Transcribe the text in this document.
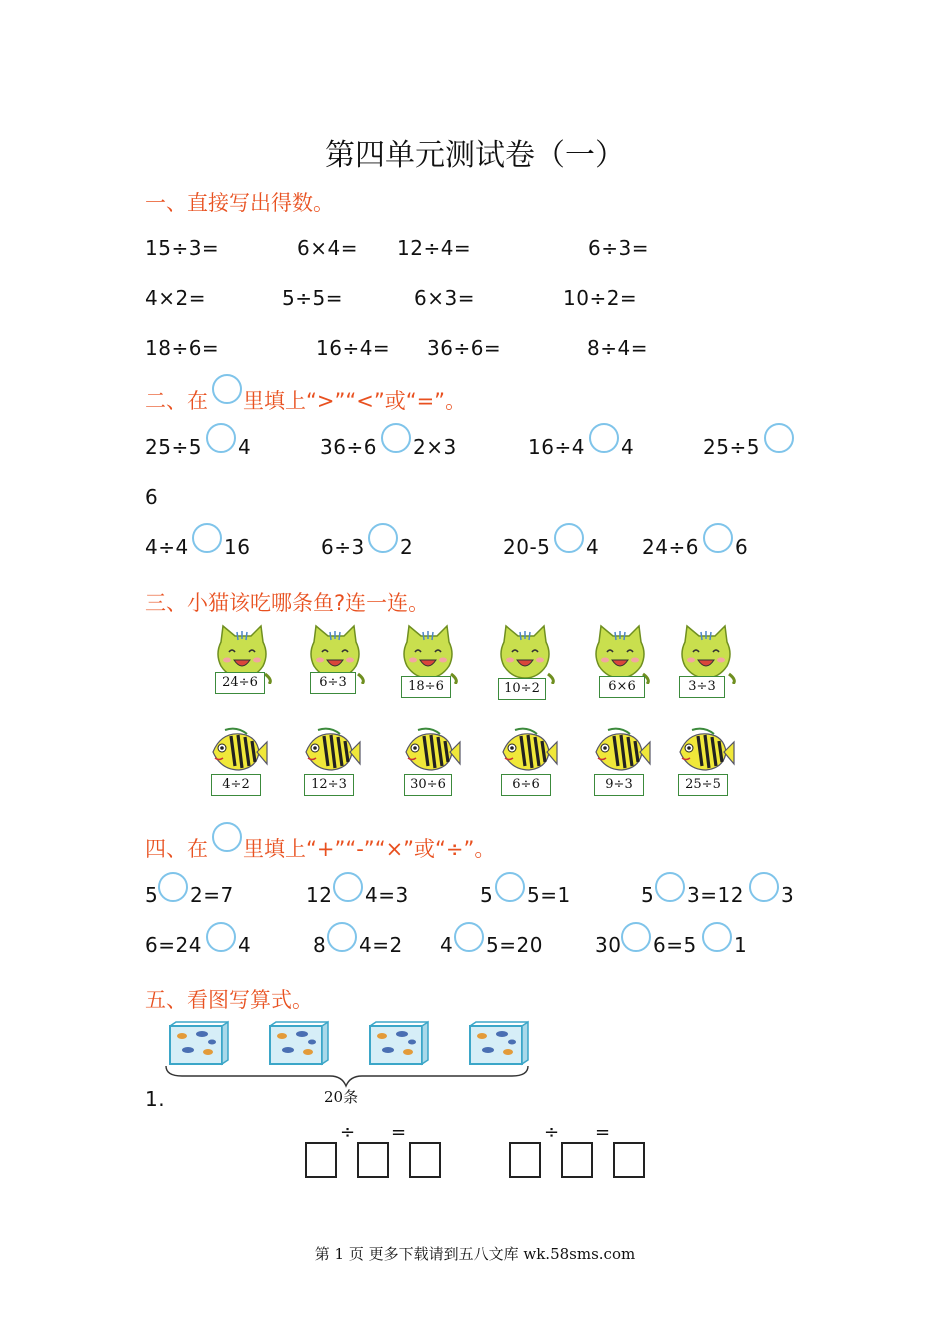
第四单元测试卷（一）
一、直接写出得数。
15÷3=	6×4= 12÷4=	6÷3=
4×2=	5÷5=	6×3=	10÷2=
18÷6=	16÷4= 36÷6=	8÷4=
二、在 里填上“>”“<”或“=”。
25÷5 4	36÷6 2×3	16÷4 4	25÷5
6
4÷4 16	6÷3 2	20-5 4 24÷6 6
三、小猫该吃哪条鱼?连一连。
24÷6	6÷3	18÷6	10÷2	6×6	3÷3
4÷2	12÷3	30÷6	6÷6	9÷3	25÷5
四、在 里填上“+”“-”“×”或“÷”。
5 2=7	12 4=3	5 5=1	5 3=12 3
6=24 4	8 4=2 4 5=20	30 6=5 1
五、看图写算式。
20条
1.
÷ =	÷ =
第 1 页 更多下载请到五八文库 wk.58sms.com
